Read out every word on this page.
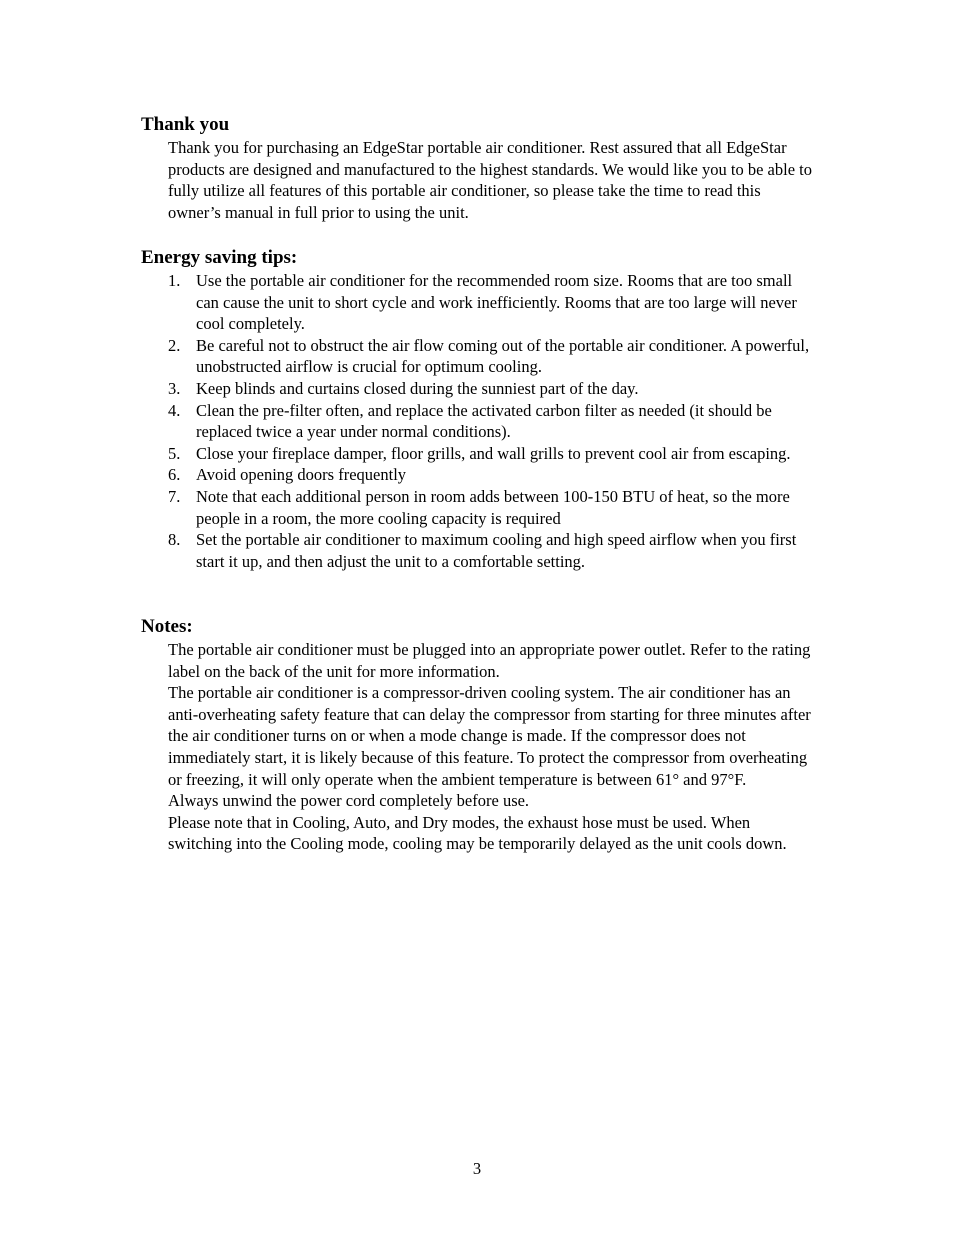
Thank you

Thank you for purchasing an EdgeStar portable air conditioner. Rest assured that all EdgeStar products are designed and manufactured to the highest standards. We would like you to be able to fully utilize all features of this portable air conditioner, so please take the time to read this owner’s manual in full prior to using the unit.

Energy saving tips:
1. Use the portable air conditioner for the recommended room size. Rooms that are too small can cause the unit to short cycle and work inefficiently. Rooms that are too large will never cool completely.
2. Be careful not to obstruct the air flow coming out of the portable air conditioner. A powerful, unobstructed airflow is crucial for optimum cooling.
3. Keep blinds and curtains closed during the sunniest part of the day.
4. Clean the pre-filter often, and replace the activated carbon filter as needed (it should be replaced twice a year under normal conditions).
5. Close your fireplace damper, floor grills, and wall grills to prevent cool air from escaping.
6. Avoid opening doors frequently
7. Note that each additional person in room adds between 100-150 BTU of heat, so the more people in a room, the more cooling capacity is required
8. Set the portable air conditioner to maximum cooling and high speed airflow when you first start it up, and then adjust the unit to a comfortable setting.
Notes:

The portable air conditioner must be plugged into an appropriate power outlet. Refer to the rating label on the back of the unit for more information.

The portable air conditioner is a compressor-driven cooling system. The air conditioner has an anti-overheating safety feature that can delay the compressor from starting for three minutes after the air conditioner turns on or when a mode change is made. If the compressor does not immediately start, it is likely because of this feature. To protect the compressor from overheating or freezing, it will only operate when the ambient temperature is between 61° and 97°F.

Always unwind the power cord completely before use.

Please note that in Cooling, Auto, and Dry modes, the exhaust hose must be used. When switching into the Cooling mode, cooling may be temporarily delayed as the unit cools down.

3
